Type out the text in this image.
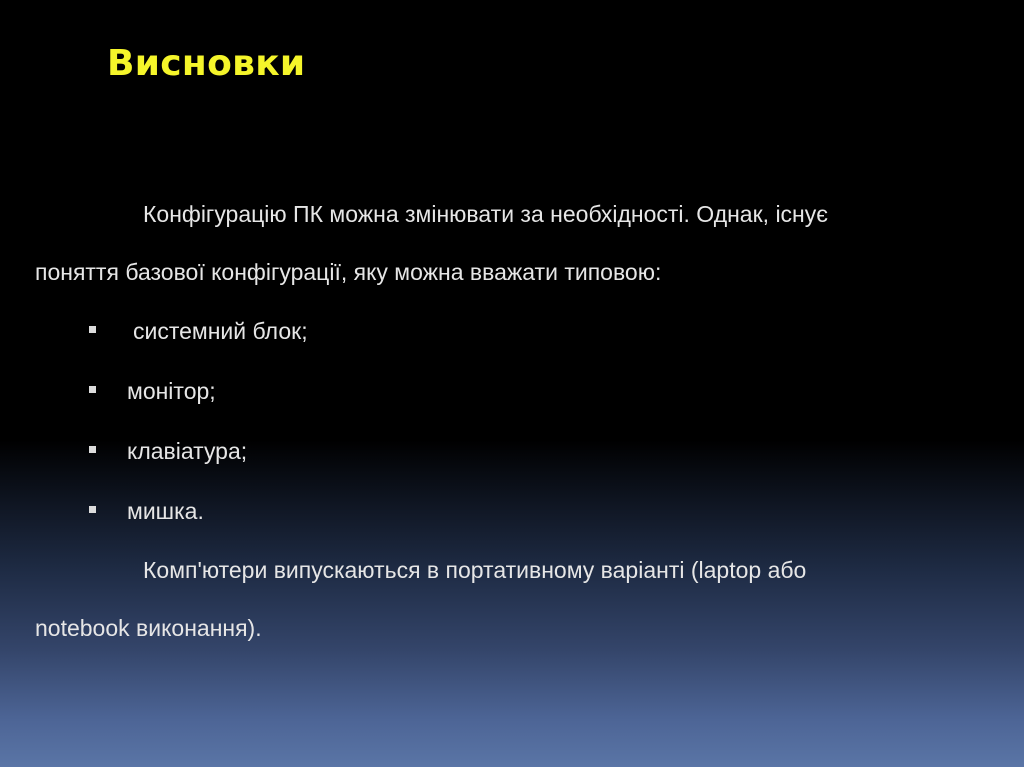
Висновки

Конфігурацію ПК можна змінювати за необхідності. Однак, існує
поняття базової конфігурації, яку можна вважати типовою:

системний блок;
монітор;
клавіатура;
мишка.

Комп'ютери випускаються в портативному варіанті (laptop або
notebook виконання).
